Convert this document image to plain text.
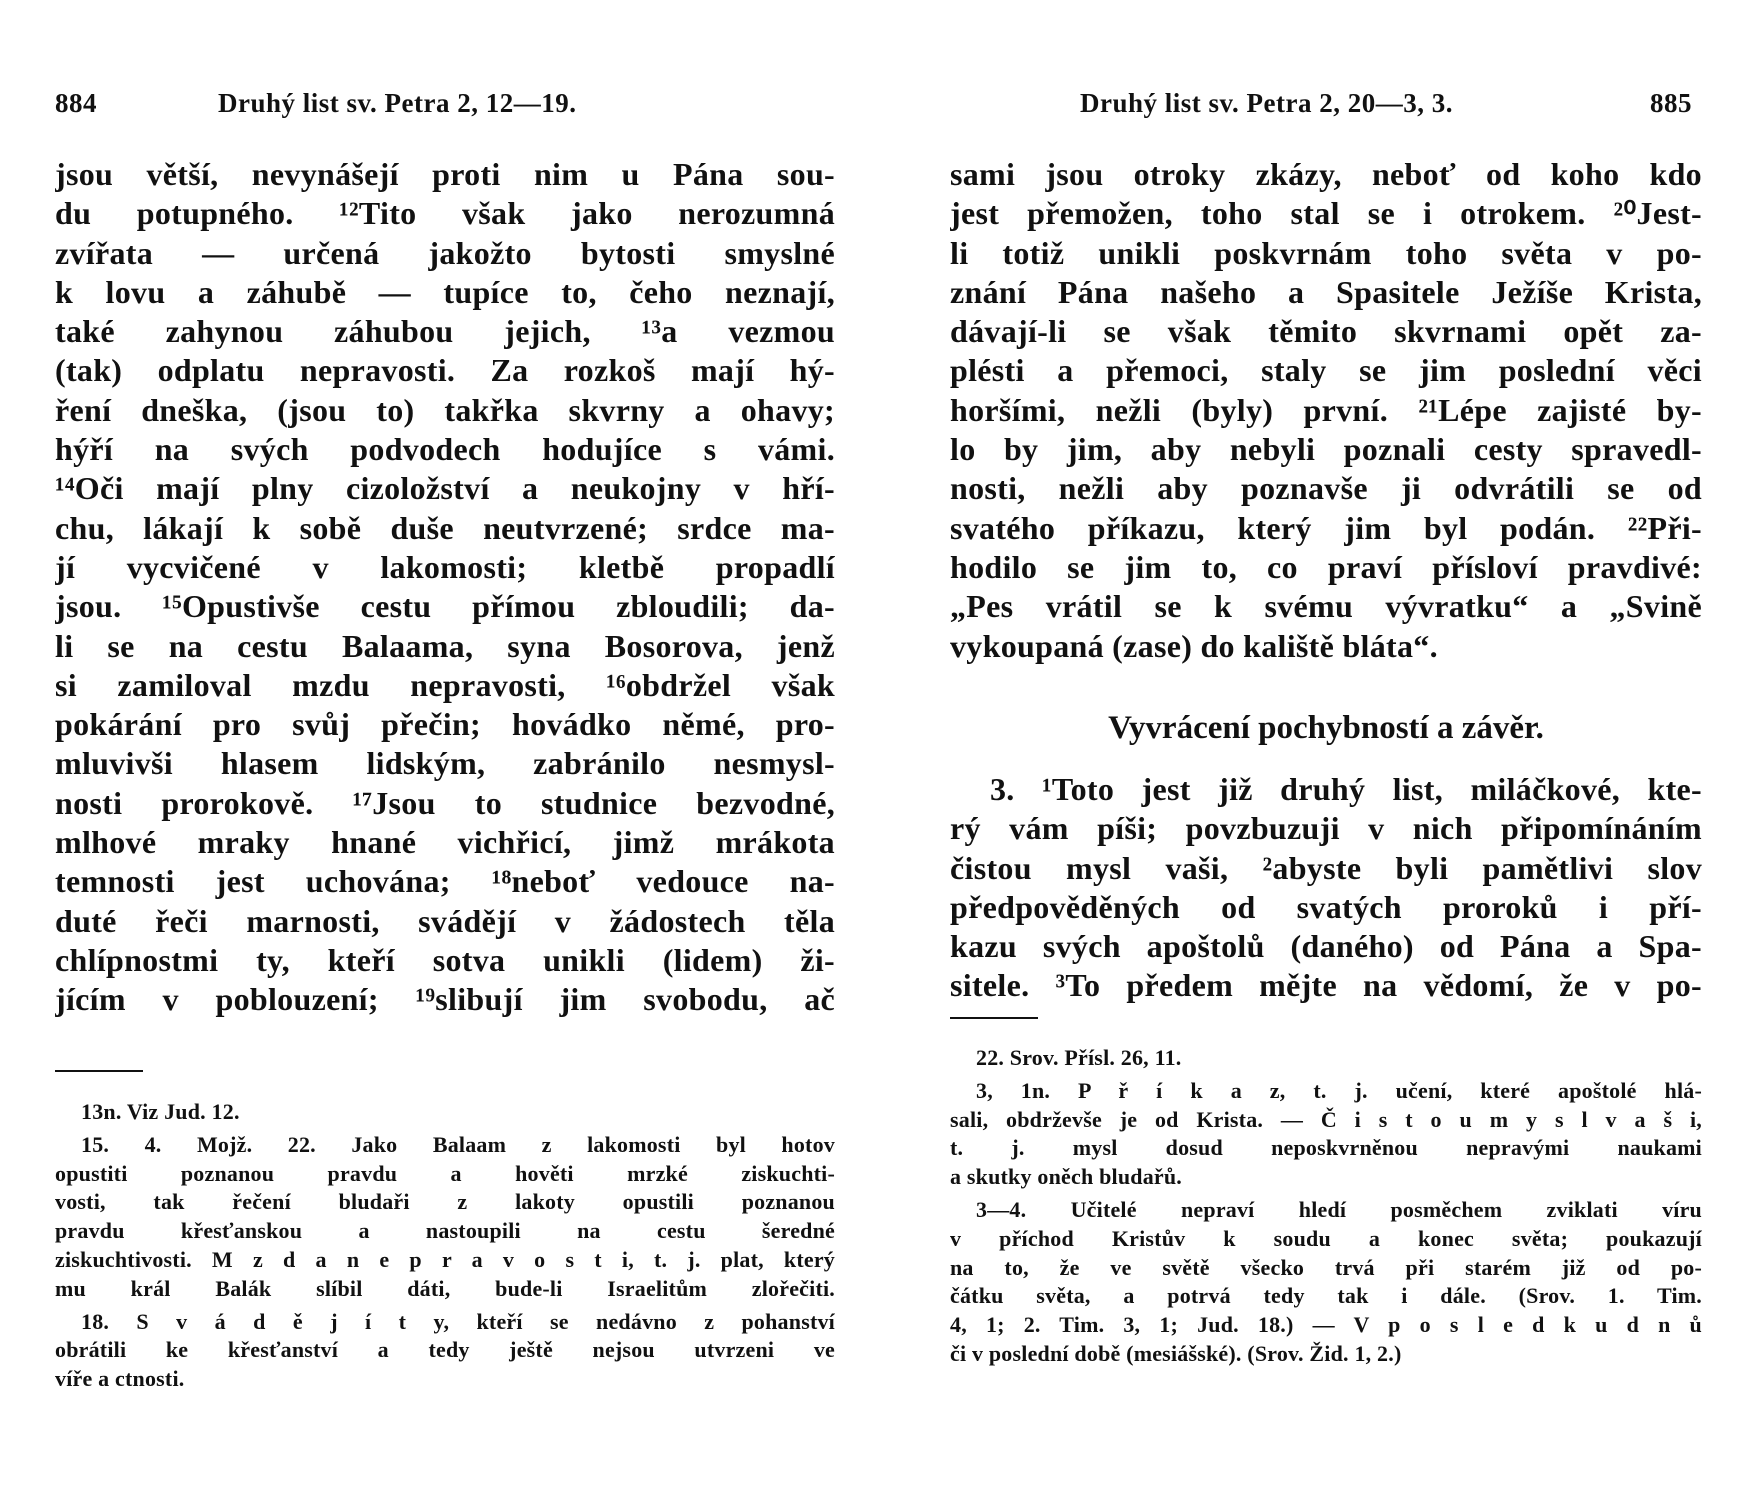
884	Druhý list sv. Petra 2, 12—19.
jsou větší, nevynášejí proti nim u Pána sou-
du potupného. ¹²Tito však jako nerozumná
zvířata — určená jakožto bytosti smyslné
k lovu a záhubě — tupíce to, čeho neznají,
také zahynou záhubou jejich, ¹³a vezmou
(tak) odplatu nepravosti. Za rozkoš mají hý-
ření dneška, (jsou to) takřka skvrny a ohavy;
hýří na svých podvodech hodujíce s vámi.
¹⁴Oči mají plny cizoložství a neukojny v hří-
chu, lákají k sobě duše neutvrzené; srdce ma-
jí vycvičené v lakomosti; kletbě propadlí
jsou. ¹⁵Opustivše cestu přímou zbloudili; da-
li se na cestu Balaama, syna Bosorova, jenž
si zamiloval mzdu nepravosti, ¹⁶obdržel však
pokárání pro svůj přečin; hovádko němé, pro-
mluvivši hlasem lidským, zabránilo nesmysl-
nosti prorokově. ¹⁷Jsou to studnice bezvodné,
mlhové mraky hnané vichřicí, jimž mrákota
temnosti jest uchována; ¹⁸neboť vedouce na-
duté řeči marnosti, svádějí v žádostech těla
chlípnostmi ty, kteří sotva unikli (lidem) ži-
jícím v poblouzení; ¹⁹slibují jim svobodu, ač
13n. Viz Jud. 12.
15. 4. Mojž. 22. Jako Balaam z lakomosti byl hotov
opustiti poznanou pravdu a hověti mrzké ziskuchti-
vosti, tak řečení bludaři z lakoty opustili poznanou
pravdu křesťanskou a nastoupili na cestu šeredné
ziskuchtivosti. M z d a n e p r a v o s t i, t. j. plat, který
mu král Balák slíbil dáti, bude-li Israelitům zlořečiti.
18. S v á d ě j í t y, kteří se nedávno z pohanství
obrátili ke křesťanství a tedy ještě nejsou utvrzeni ve
víře a ctnosti.
Druhý list sv. Petra 2, 20—3, 3.	885
sami jsou otroky zkázy, neboť od koho kdo
jest přemožen, toho stal se i otrokem. ²⁰Jest-
li totiž unikli poskvrnám toho světa v po-
znání Pána našeho a Spasitele Ježíše Krista,
dávají-li se však těmito skvrnami opět za-
plésti a přemoci, staly se jim poslední věci
horšími, nežli (byly) první. ²¹Lépe zajisté by-
lo by jim, aby nebyli poznali cesty spravedl-
nosti, nežli aby poznavše ji odvrátili se od
svatého příkazu, který jim byl podán. ²²Při-
hodilo se jim to, co praví přísloví pravdivé:
„Pes vrátil se k svému vývratku“ a „Svině
vykoupaná (zase) do kaliště bláta“.
Vyvrácení pochybností a závěr.
3. ¹Toto jest již druhý list, miláčkové, kte-
rý vám píši; povzbuzuji v nich připomínáním
čistou mysl vaši, ²abyste byli pamětlivi slov
předpověděných od svatých proroků i pří-
kazu svých apoštolů (daného) od Pána a Spa-
sitele. ³To předem mějte na vědomí, že v po-
22. Srov. Přísl. 26, 11.
3, 1n. P ř í k a z, t. j. učení, které apoštolé hlá-
sali, obdrževše je od Krista. — Č i s t o u m y s l v a š i,
t. j. mysl dosud neposkvrněnou nepravými naukami
a skutky oněch bludařů.
3—4. Učitelé nepraví hledí posměchem zviklati víru
v příchod Kristův k soudu a konec světa; poukazují
na to, že ve světě všecko trvá při starém již od po-
čátku světa, a potrvá tedy tak i dále. (Srov. 1. Tim.
4, 1; 2. Tim. 3, 1; Jud. 18.) — V p o s l e d k u d n ů
či v poslední době (mesiášské). (Srov. Žid. 1, 2.)
